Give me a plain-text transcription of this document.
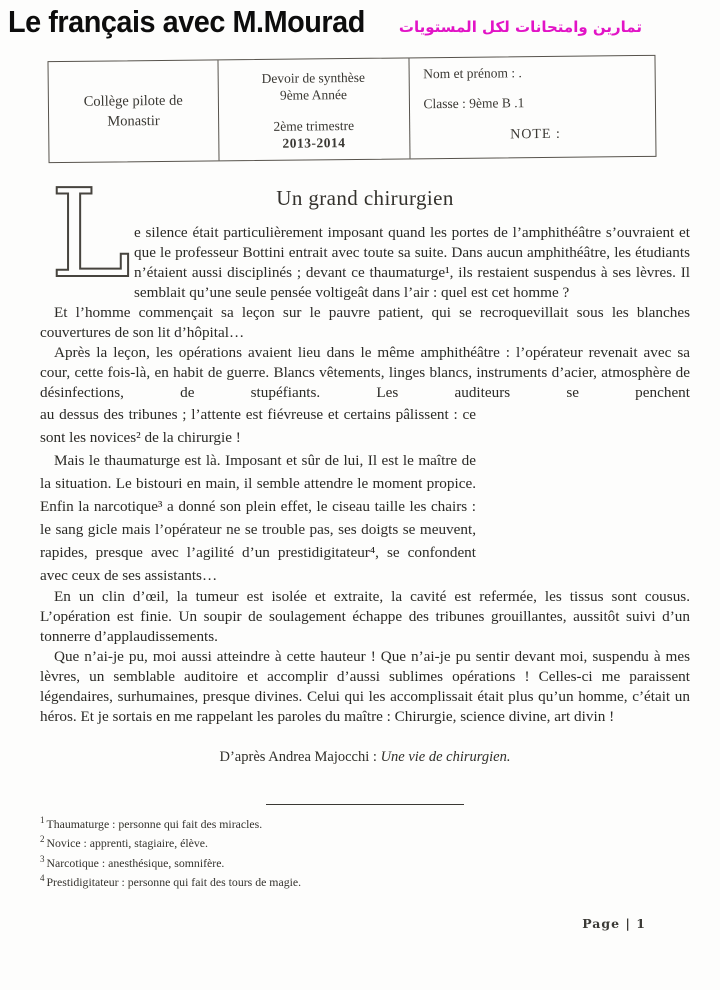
Le français avec M.Mourad تمارين وامتحانات لكل المستويات
Collège pilote de
Monastir
Devoir de synthèse
9ème Année
2ème trimestre
2013-2014
Nom et prénom : .
Classe : 9ème B .1
NOTE :
Un grand chirurgien
L e silence était particulièrement imposant quand les portes de l’amphithéâtre s’ouvraient et que le professeur Bottini entrait avec toute sa suite. Dans aucun amphithéâtre, les étudiants n’étaient aussi disciplinés ; devant ce thaumaturge¹, ils restaient suspendus à ses lèvres. Il semblait qu’une seule pensée voltigeât dans l’air : quel est cet homme ?

Et l’homme commençait sa leçon sur le pauvre patient, qui se recroquevillait sous les blanches couvertures de son lit d’hôpital…

Après la leçon, les opérations avaient lieu dans le même amphithéâtre : l’opérateur revenait avec sa cour, cette fois-là, en habit de guerre. Blancs vêtements, linges blancs, instruments d’acier, atmosphère de désinfections, de stupéfiants. Les auditeurs se penchent

au dessus des tribunes ; l’attente est fiévreuse et certains pâlissent : ce sont les novices² de la chirurgie !

Mais le thaumaturge est là. Imposant et sûr de lui, Il est le maître de la situation. Le bistouri en main, il semble attendre le moment propice. Enfin la narcotique³ a donné son plein effet, le ciseau taille les chairs : le sang gicle mais l’opérateur ne se trouble pas, ses doigts se meuvent, rapides, presque avec l’agilité d’un prestidigitateur⁴, se confondent avec ceux de ses assistants…

En un clin d’œil, la tumeur est isolée et extraite, la cavité est refermée, les tissus sont cousus. L’opération est finie. Un soupir de soulagement échappe des tribunes grouillantes, aussitôt suivi d’un tonnerre d’applaudissements.

Que n’ai-je pu, moi aussi atteindre à cette hauteur ! Que n’ai-je pu sentir devant moi, suspendu à mes lèvres, un semblable auditoire et accomplir d’aussi sublimes opérations ! Celles-ci me paraissent légendaires, surhumaines, presque divines. Celui qui les accomplissait était plus qu’un homme, c’était un héros. Et je sortais en me rappelant les paroles du maître : Chirurgie, science divine, art divin !

D’après Andrea Majocchi : Une vie de chirurgien.

$^1$ Thaumaturge : personne qui fait des miracles.
$^2$ Novice : apprenti, stagiaire, élève.
$^3$ Narcotique : anesthésique, somnifère.
$^4$ Prestidigitateur : personne qui fait des tours de magie.
Page | 1
